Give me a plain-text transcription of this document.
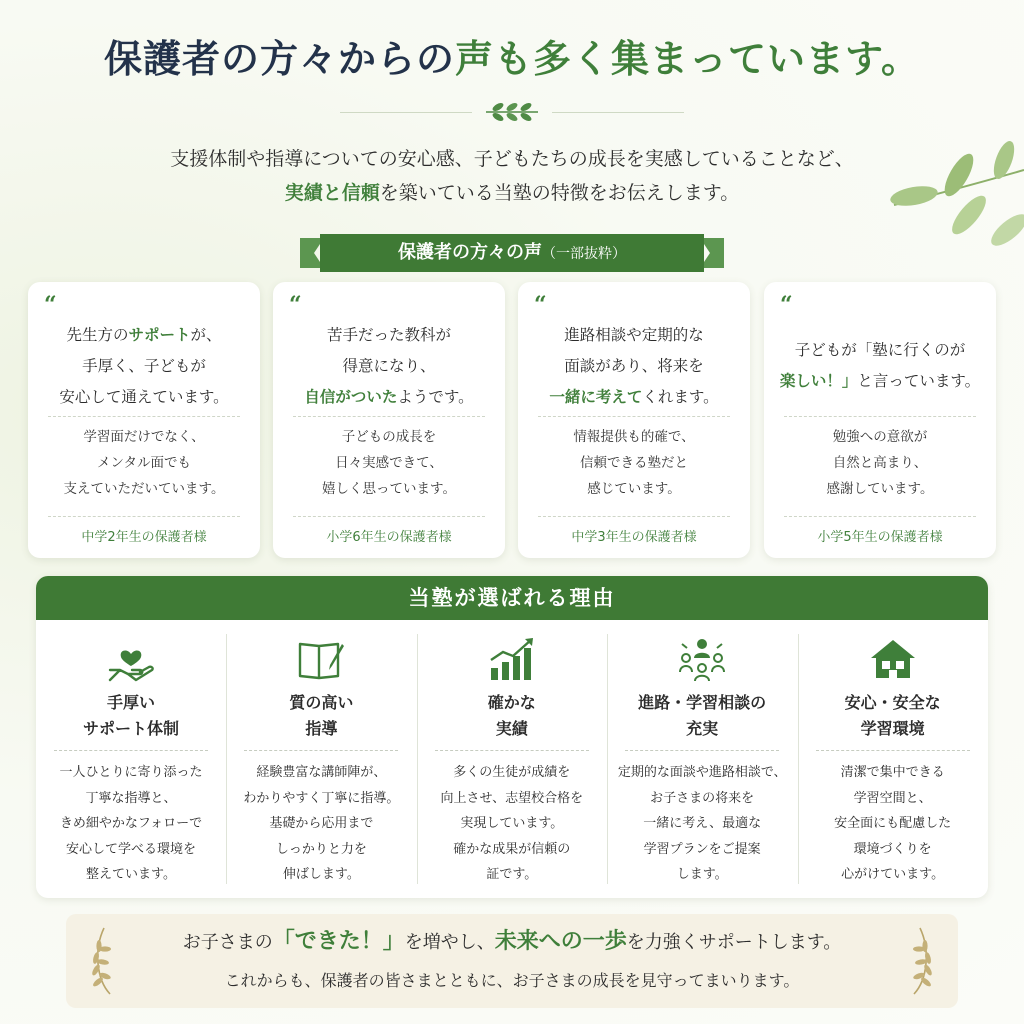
保護者の方々からの声も多く集まっています。
支援体制や指導についての安心感、子どもたちの成長を実感していることなど、
実績と信頼を築いている当塾の特徴をお伝えします。
保護者の方々の声（一部抜粋）
“
先生方のサポートが、
手厚く、子どもが
安心して通えています。
学習面だけでなく、
メンタル面でも
支えていただいています。
中学2年生の保護者様
“
苦手だった教科が
得意になり、
自信がついたようです。
子どもの成長を
日々実感できて、
嬉しく思っています。
小学6年生の保護者様
“
進路相談や定期的な
面談があり、将来を
一緒に考えてくれます。
情報提供も的確で、
信頼できる塾だと
感じています。
中学3年生の保護者様
“
子どもが「塾に行くのが
楽しい！」と言っています。
勉強への意欲が
自然と高まり、
感謝しています。
小学5年生の保護者様
当塾が選ばれる理由
手厚い
サポート体制
一人ひとりに寄り添った
丁寧な指導と、
きめ細やかなフォローで
安心して学べる環境を
整えています。
質の高い
指導
経験豊富な講師陣が、
わかりやすく丁寧に指導。
基礎から応用まで
しっかりと力を
伸ばします。
確かな
実績
多くの生徒が成績を
向上させ、志望校合格を
実現しています。
確かな成果が信頼の
証です。
進路・学習相談の
充実
定期的な面談や進路相談で、
お子さまの将来を
一緒に考え、最適な
学習プランをご提案
します。
安心・安全な
学習環境
清潔で集中できる
学習空間と、
安全面にも配慮した
環境づくりを
心がけています。
お子さまの「できた！」を増やし、未来への一歩を力強くサポートします。
これからも、保護者の皆さまとともに、お子さまの成長を見守ってまいります。
